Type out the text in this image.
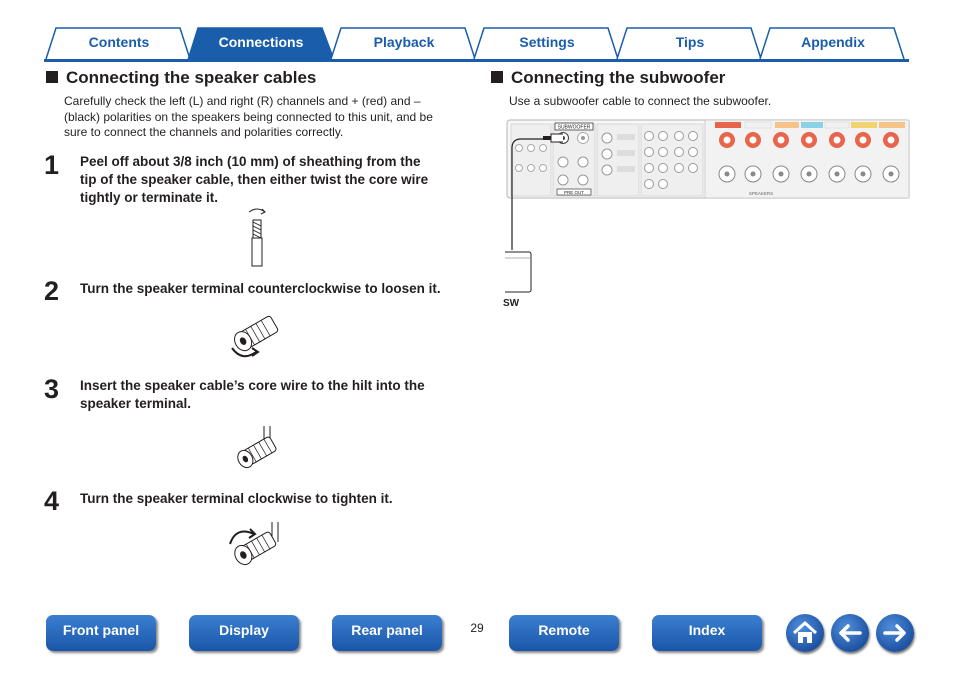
Contents	Connections	Playback	Settings	Tips	Appendix
Connecting the speaker cables
Carefully check the left (L) and right (R) channels and + (red) and –
(black) polarities on the speakers being connected to this unit, and be
sure to connect the channels and polarities correctly.
1 Peel off about 3/8 inch (10 mm) of sheathing from the
tip of the speaker cable, then either twist the core wire
tightly or terminate it.
2 Turn the speaker terminal counterclockwise to loosen it.
3 Insert the speaker cable’s core wire to the hilt into the
speaker terminal.
4 Turn the speaker terminal clockwise to tighten it.
Connecting the subwoofer
Use a subwoofer cable to connect the subwoofer.
SUBWOOFER
PRE OUT	SPEAKERS
SW
Front panel	Display	Rear panel	29	Remote	Index
